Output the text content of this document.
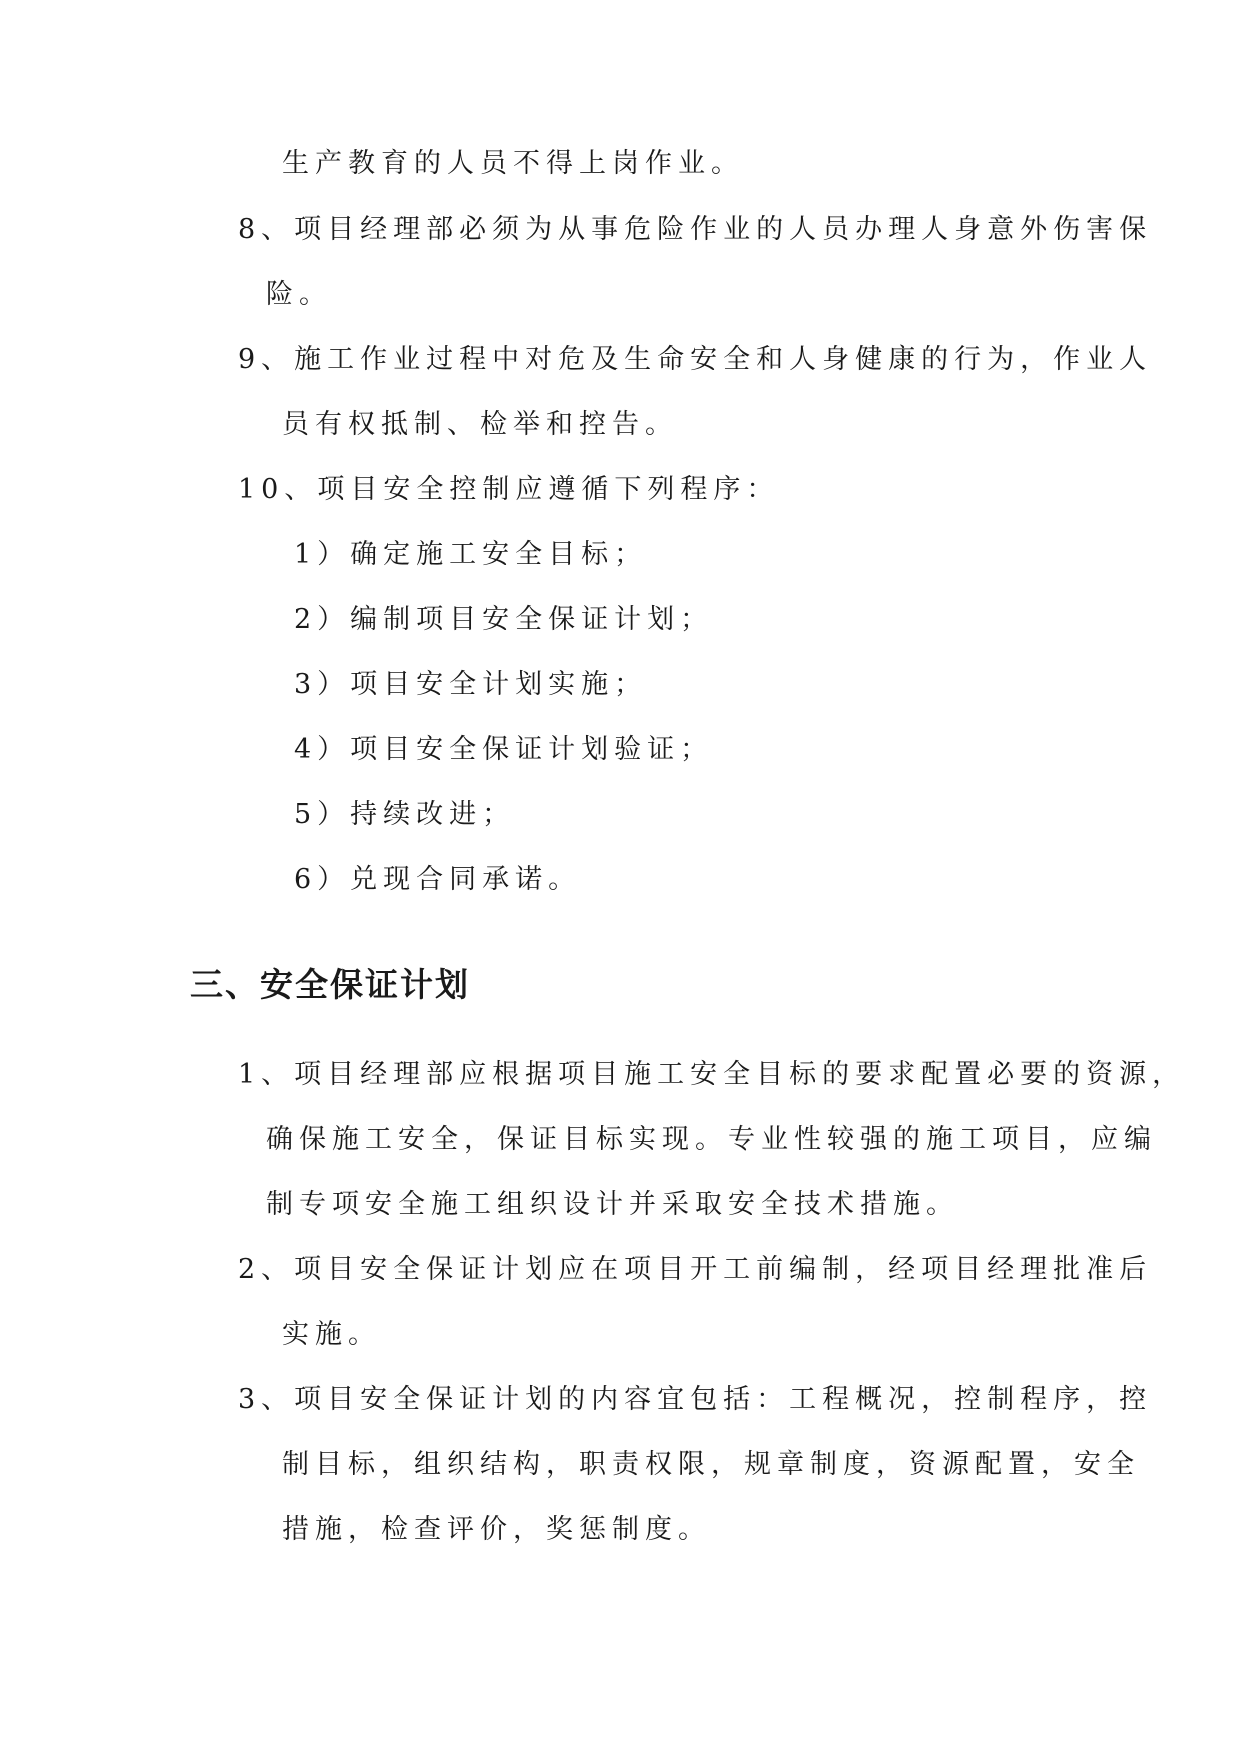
生产教育的人员不得上岗作业。
8、项目经理部必须为从事危险作业的人员办理人身意外伤害保
险。
9、施工作业过程中对危及生命安全和人身健康的行为，作业人
员有权抵制、检举和控告。
10、项目安全控制应遵循下列程序：
1）确定施工安全目标；
2）编制项目安全保证计划；
3）项目安全计划实施；
4）项目安全保证计划验证；
5）持续改进；
6）兑现合同承诺。
三、安全保证计划
1、项目经理部应根据项目施工安全目标的要求配置必要的资源，
确保施工安全，保证目标实现。专业性较强的施工项目，应编
制专项安全施工组织设计并采取安全技术措施。
2、项目安全保证计划应在项目开工前编制，经项目经理批准后
实施。
3、项目安全保证计划的内容宜包括：工程概况，控制程序，控
制目标，组织结构，职责权限，规章制度，资源配置，安全
措施，检查评价，奖惩制度。
